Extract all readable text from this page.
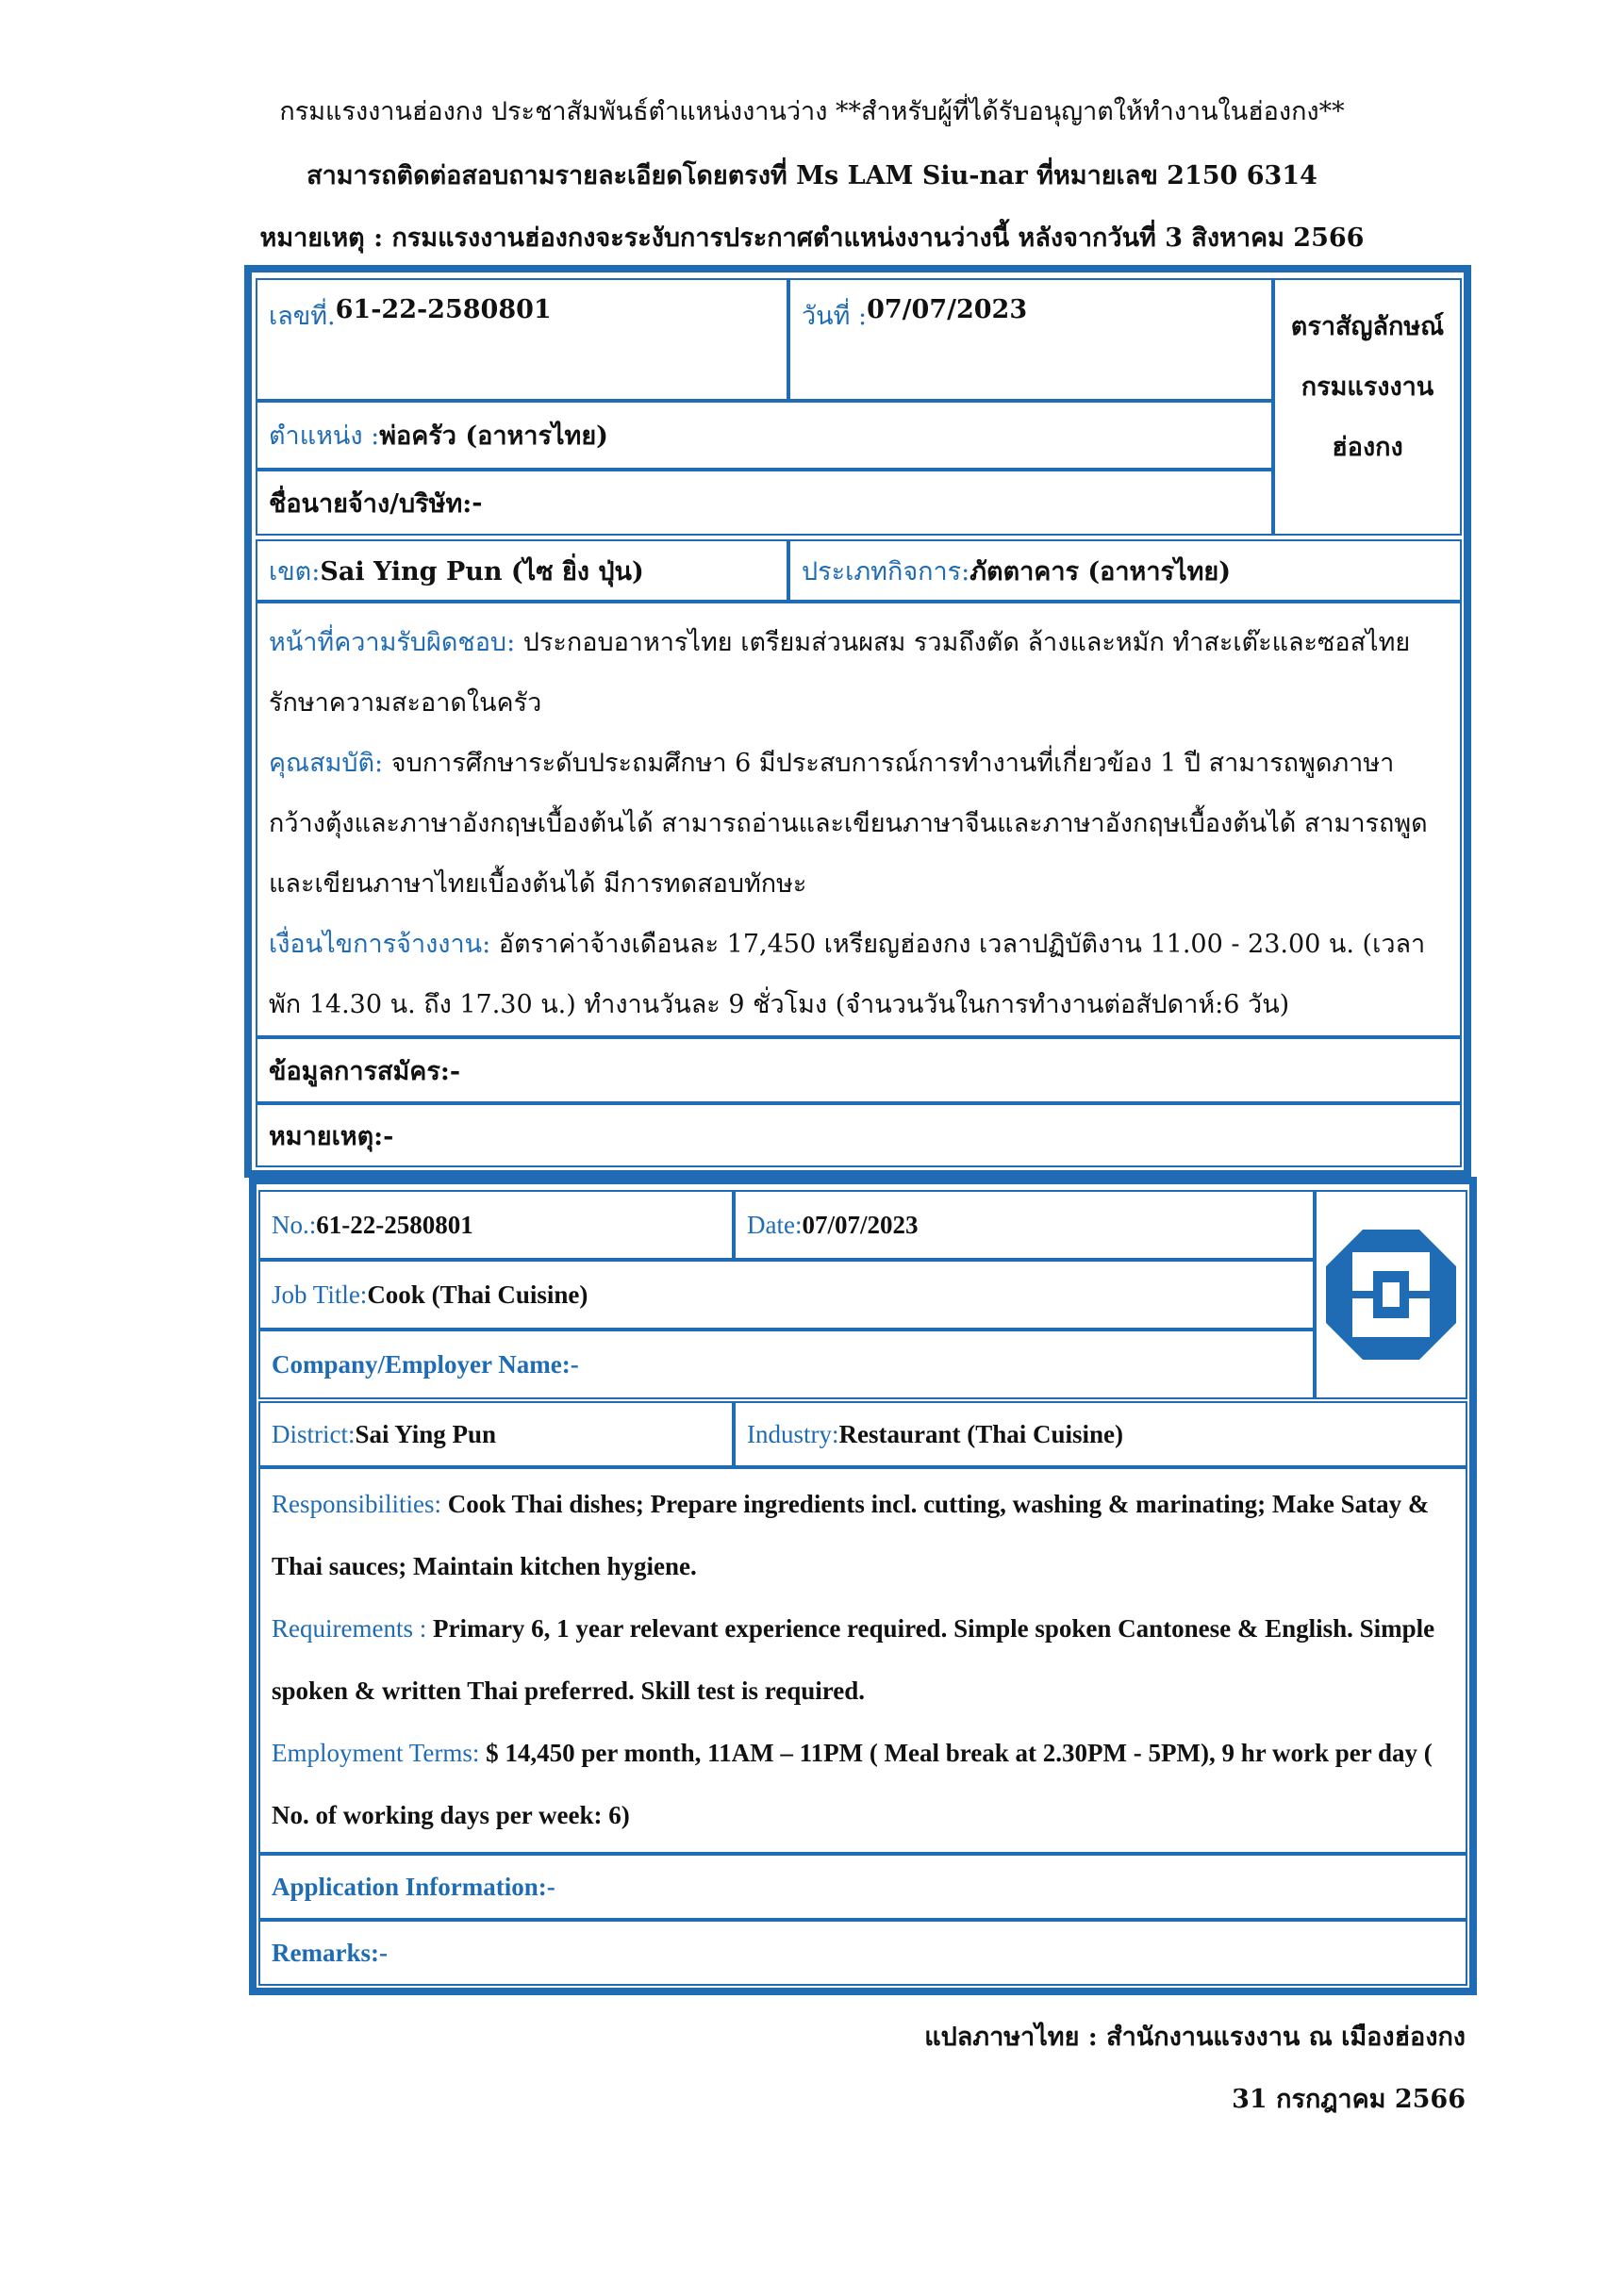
กรมแรงงานฮ่องกง ประชาสัมพันธ์ตำแหน่งงานว่าง **สำหรับผู้ที่ได้รับอนุญาตให้ทำงานในฮ่องกง**
สามารถติดต่อสอบถามรายละเอียดโดยตรงที่ Ms LAM Siu-nar ที่หมายเลข 2150 6314
หมายเหตุ : กรมแรงงานฮ่องกงจะระงับการประกาศตำแหน่งงานว่างนี้ หลังจากวันที่ 3 สิงหาคม 2566
เลขที่. 61-22-2580801	วันที่ : 07/07/2023
ตราสัญลักษณ์
กรมแรงงาน
ฮ่องกง
ตำแหน่ง : พ่อครัว (อาหารไทย)
ชื่อนายจ้าง/บริษัท: -
เขต: Sai Ying Pun (ไซ ยิ่ง ปุ่น)	ประเภทกิจการ: ภัตตาคาร (อาหารไทย)
หน้าที่ความรับผิดชอบ: ประกอบอาหารไทย เตรียมส่วนผสม รวมถึงตัด ล้างและหมัก ทำสะเต๊ะและซอสไทย รักษาความสะอาดในครัว
คุณสมบัติ: จบการศึกษาระดับประถมศึกษา 6 มีประสบการณ์การทำงานที่เกี่ยวข้อง 1 ปี สามารถพูดภาษากว้างตุ้งและภาษาอังกฤษเบื้องต้นได้ สามารถอ่านและเขียนภาษาจีนและภาษาอังกฤษเบื้องต้นได้ สามารถพูดและเขียนภาษาไทยเบื้องต้นได้ มีการทดสอบทักษะ
เงื่อนไขการจ้างงาน: อัตราค่าจ้างเดือนละ 17,450 เหรียญฮ่องกง เวลาปฏิบัติงาน 11.00 - 23.00 น. (เวลาพัก 14.30 น. ถึง 17.30 น.) ทำงานวันละ 9 ชั่วโมง (จำนวนวันในการทำงานต่อสัปดาห์:6 วัน)
ข้อมูลการสมัคร:-
หมายเหตุ:-
No.: 61-22-2580801	Date: 07/07/2023
Job Title: Cook (Thai Cuisine)
Company/Employer Name:-
District: Sai Ying Pun	Industry: Restaurant (Thai Cuisine)
Responsibilities: Cook Thai dishes; Prepare ingredients incl. cutting, washing & marinating; Make Satay & Thai sauces; Maintain kitchen hygiene.
Requirements : Primary 6, 1 year relevant experience required. Simple spoken Cantonese & English. Simple spoken & written Thai preferred. Skill test is required.
Employment Terms: $ 14,450 per month, 11AM – 11PM ( Meal break at 2.30PM - 5PM), 9 hr work per day ( No. of working days per week: 6)
Application Information:-
Remarks:-
แปลภาษาไทย : สำนักงานแรงงาน ณ เมืองฮ่องกง
31 กรกฎาคม 2566
